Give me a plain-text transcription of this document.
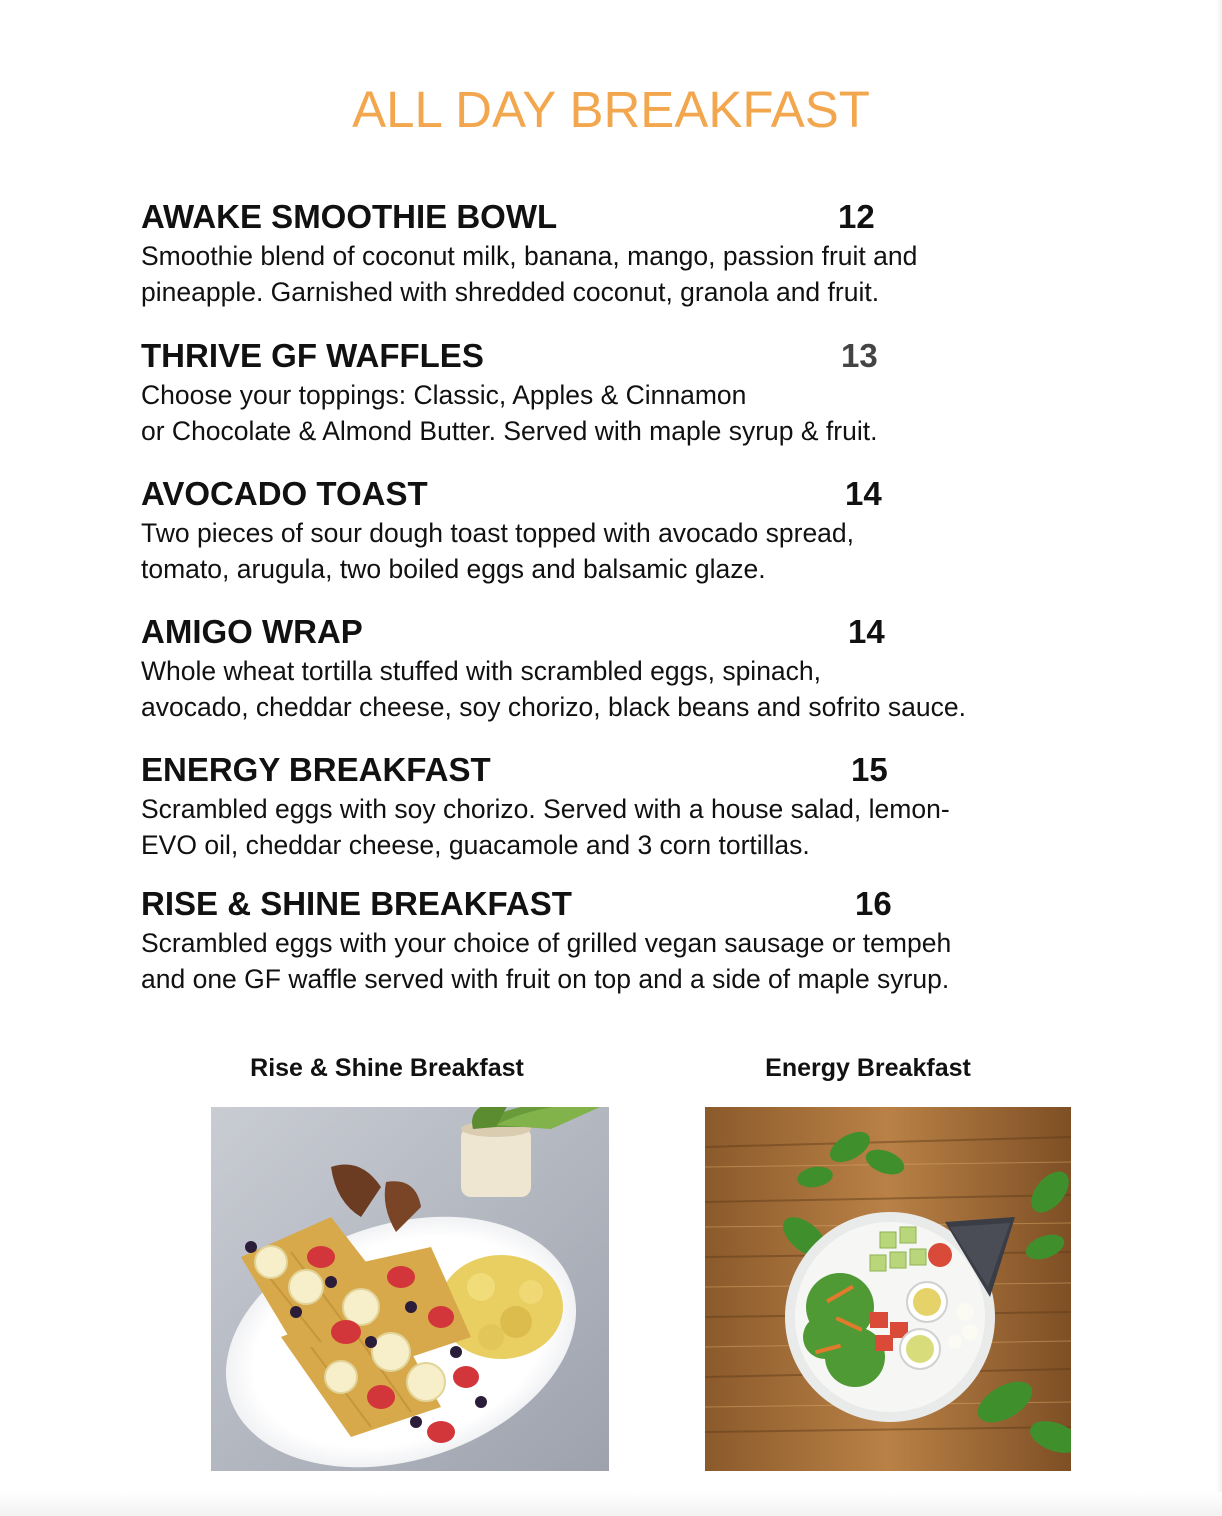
ALL DAY BREAKFAST
AWAKE SMOOTHIE BOWL	12

Smoothie blend of coconut milk, banana, mango, passion fruit and
pineapple. Garnished with shredded coconut, granola and fruit.

THRIVE GF WAFFLES	13

Choose your toppings: Classic, Apples & Cinnamon
or Chocolate & Almond Butter. Served with maple syrup & fruit.

AVOCADO TOAST	14

Two pieces of sour dough toast topped with avocado spread,
tomato, arugula, two boiled eggs and balsamic glaze.

AMIGO WRAP	14

Whole wheat tortilla stuffed with scrambled eggs, spinach,
avocado, cheddar cheese, soy chorizo, black beans and sofrito sauce.

ENERGY BREAKFAST	15

Scrambled eggs with soy chorizo. Served with a house salad, lemon-
EVO oil, cheddar cheese, guacamole and 3 corn tortillas.

RISE & SHINE BREAKFAST	16

Scrambled eggs with your choice of grilled vegan sausage or tempeh
and one GF waffle served with fruit on top and a side of maple syrup.

Rise & Shine Breakfast	Energy Breakfast
